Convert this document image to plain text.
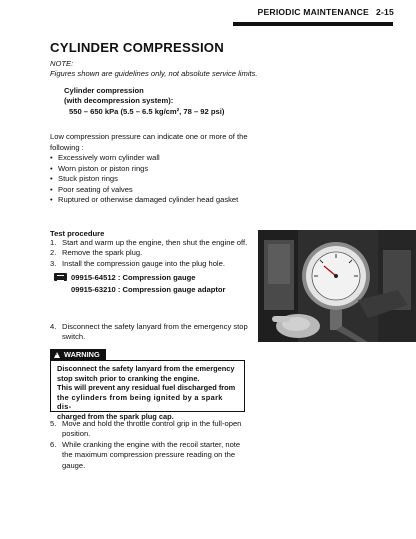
PERIODIC MAINTENANCE 2-15
CYLINDER COMPRESSION
NOTE:
Figures shown are guidelines only, not absolute service limits.
Cylinder compression
(with decompression system):
550 – 650 kPa (5.5 – 6.5 kg/cm², 78 – 92 psi)
Low compression pressure can indicate one or more of the following :
• Excessively worn cylinder wall
• Worn piston or piston rings
• Stuck piston rings
• Poor seating of valves
• Ruptured or otherwise damaged cylinder head gasket
Test procedure
1. Start and warm up the engine, then shut the engine off.
2. Remove the spark plug.
3. Install the compression gauge into the plug hole.
09915-64512 : Compression gauge
09915-63210 : Compression gauge adaptor
4. Disconnect the safety lanyard from the emergency stop switch.
!
WARNING
Disconnect the safety lanyard from the emergency
stop switch prior to cranking the engine.
This will prevent any residual fuel discharged from
the cylinders from being ignited by a spark dis-
charged from the spark plug cap.
5. Move and hold the throttle control grip in the full-open position.
6. While cranking the engine with the recoil starter, note the maximum compression pressure reading on the gauge.
